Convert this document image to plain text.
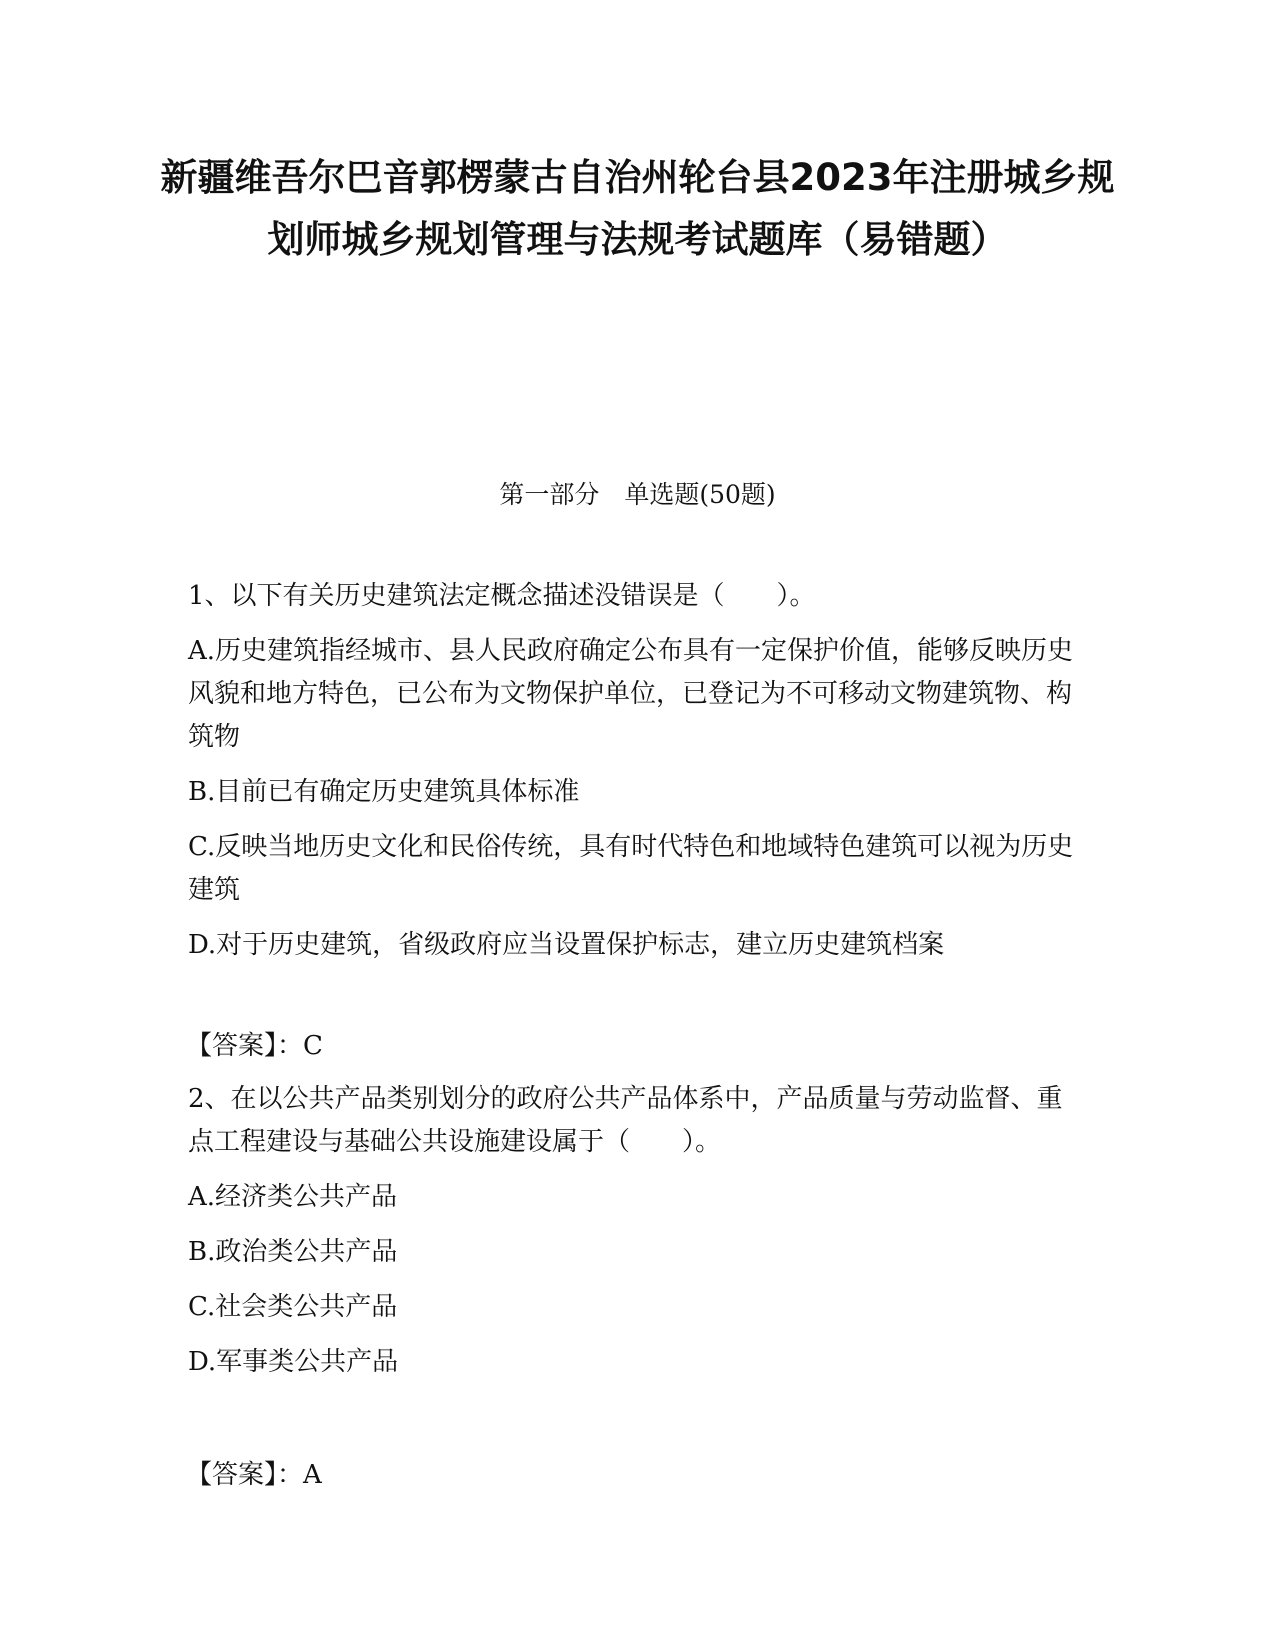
新疆维吾尔巴音郭楞蒙古自治州轮台县2023年注册城乡规划师城乡规划管理与法规考试题库（易错题）
第一部分　单选题(50题)

1、以下有关历史建筑法定概念描述没错误是（　　）。

A.历史建筑指经城市、县人民政府确定公布具有一定保护价值，能够反映历史风貌和地方特色，已公布为文物保护单位，已登记为不可移动文物建筑物、构筑物

B.目前已有确定历史建筑具体标准

C.反映当地历史文化和民俗传统，具有时代特色和地域特色建筑可以视为历史建筑

D.对于历史建筑，省级政府应当设置保护标志，建立历史建筑档案

【答案】：C

2、在以公共产品类别划分的政府公共产品体系中，产品质量与劳动监督、重点工程建设与基础公共设施建设属于（　　）。

A.经济类公共产品

B.政治类公共产品

C.社会类公共产品

D.军事类公共产品

【答案】：A
